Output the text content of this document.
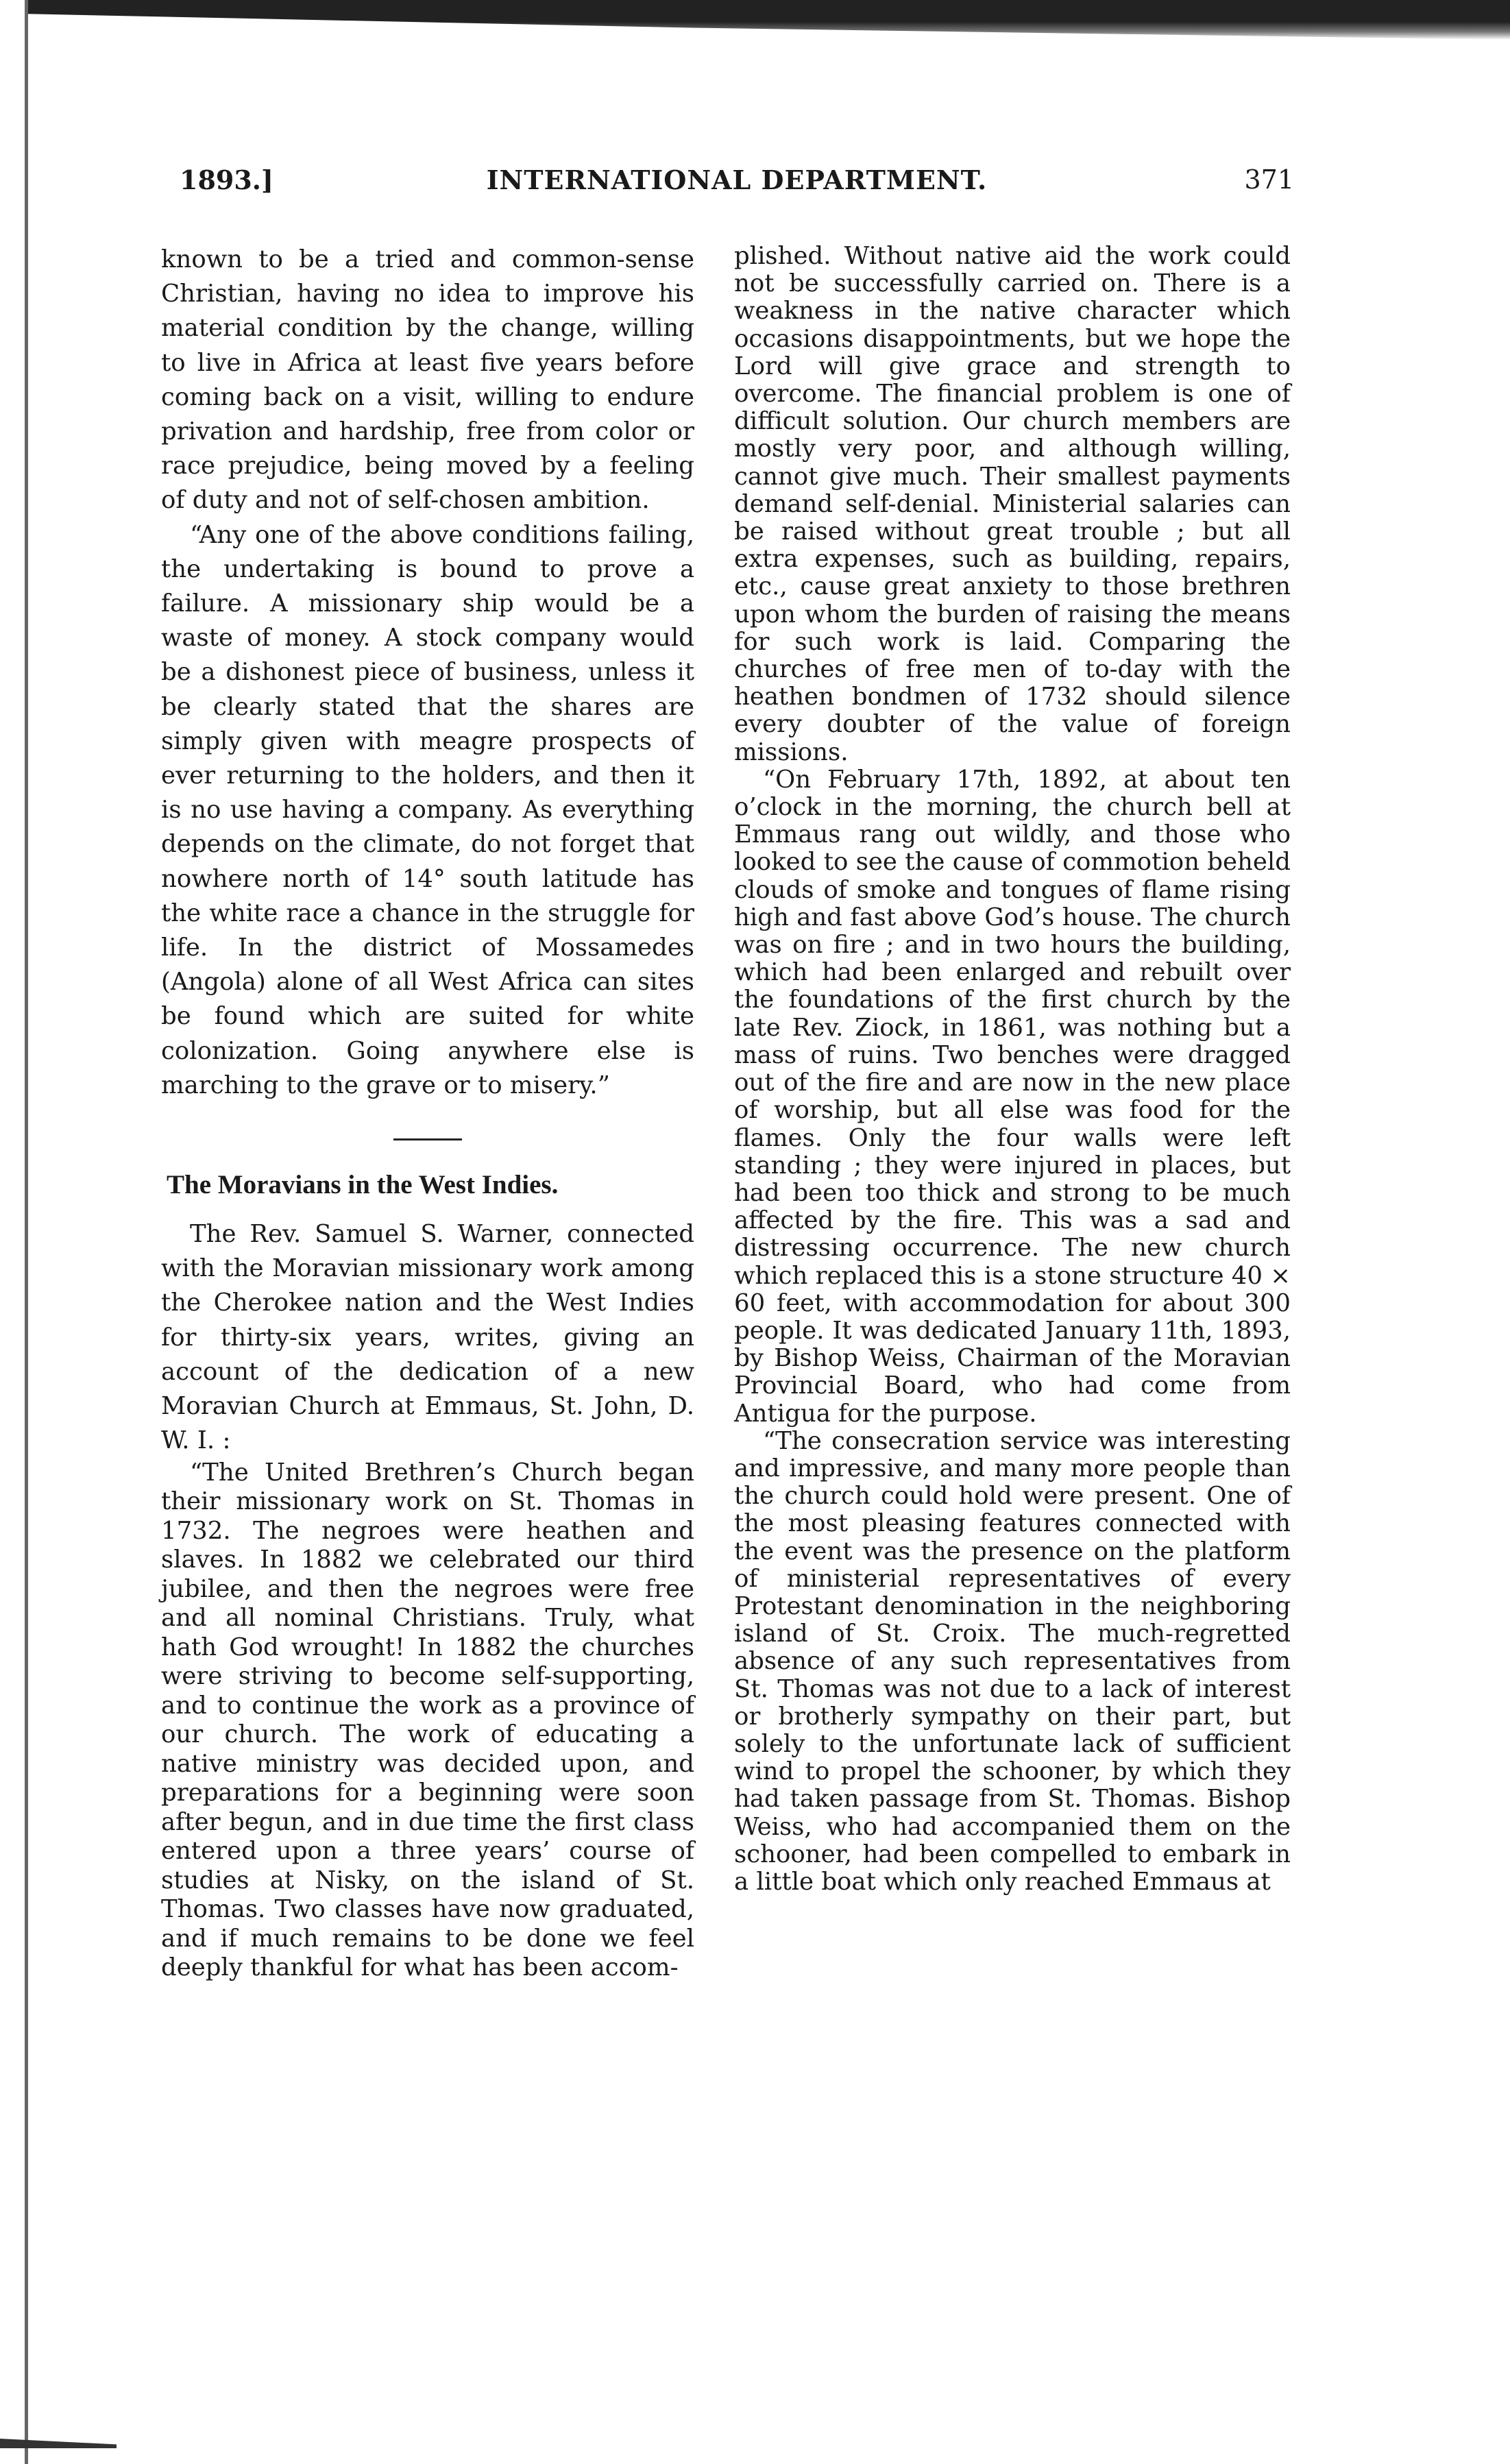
1893.]	INTERNATIONAL DEPARTMENT.	371

known to be a tried and common-sense Christian, having no idea to improve his material condition by the change, willing to live in Africa at least five years before coming back on a visit, willing to endure privation and hardship, free from color or race prejudice, being moved by a feeling of duty and not of self-chosen ambition.

“Any one of the above conditions failing, the undertaking is bound to prove a failure. A missionary ship would be a waste of money. A stock company would be a dishonest piece of business, unless it be clearly stated that the shares are simply given with meagre prospects of ever returning to the holders, and then it is no use having a company. As everything depends on the climate, do not forget that nowhere north of 14° south latitude has the white race a chance in the struggle for life. In the district of Mossamedes (Angola) alone of all West Africa can sites be found which are suited for white colonization. Going anywhere else is marching to the grave or to misery.”

The Moravians in the West Indies.

The Rev. Samuel S. Warner, connected with the Moravian missionary work among the Cherokee nation and the West Indies for thirty-six years, writes, giving an account of the dedication of a new Moravian Church at Emmaus, St. John, D. W. I. :

“The United Brethren’s Church began their missionary work on St. Thomas in 1732. The negroes were heathen and slaves. In 1882 we celebrated our third jubilee, and then the negroes were free and all nominal Christians. Truly, what hath God wrought! In 1882 the churches were striving to become self-supporting, and to continue the work as a province of our church. The work of educating a native ministry was decided upon, and preparations for a beginning were soon after begun, and in due time the first class entered upon a three years’ course of studies at Nisky, on the island of St. Thomas. Two classes have now graduated, and if much remains to be done we feel deeply thankful for what has been accom-

plished. Without native aid the work could not be successfully carried on. There is a weakness in the native character which occasions disappointments, but we hope the Lord will give grace and strength to overcome. The financial problem is one of difficult solution. Our church members are mostly very poor, and although willing, cannot give much. Their smallest payments demand self-denial. Ministerial salaries can be raised without great trouble ; but all extra expenses, such as building, repairs, etc., cause great anxiety to those brethren upon whom the burden of raising the means for such work is laid. Comparing the churches of free men of to-day with the heathen bondmen of 1732 should silence every doubter of the value of foreign missions.

“On February 17th, 1892, at about ten o’clock in the morning, the church bell at Emmaus rang out wildly, and those who looked to see the cause of commotion beheld clouds of smoke and tongues of flame rising high and fast above God’s house. The church was on fire ; and in two hours the building, which had been enlarged and rebuilt over the foundations of the first church by the late Rev. Ziock, in 1861, was nothing but a mass of ruins. Two benches were dragged out of the fire and are now in the new place of worship, but all else was food for the flames. Only the four walls were left standing ; they were injured in places, but had been too thick and strong to be much affected by the fire. This was a sad and distressing occurrence. The new church which replaced this is a stone structure 40 × 60 feet, with accommodation for about 300 people. It was dedicated January 11th, 1893, by Bishop Weiss, Chairman of the Moravian Provincial Board, who had come from Antigua for the purpose.

“The consecration service was interesting and impressive, and many more people than the church could hold were present. One of the most pleasing features connected with the event was the presence on the platform of ministerial representatives of every Protestant denomination in the neighboring island of St. Croix. The much-regretted absence of any such representatives from St. Thomas was not due to a lack of interest or brotherly sympathy on their part, but solely to the unfortunate lack of sufficient wind to propel the schooner, by which they had taken passage from St. Thomas. Bishop Weiss, who had accompanied them on the schooner, had been compelled to embark in a little boat which only reached Emmaus at
